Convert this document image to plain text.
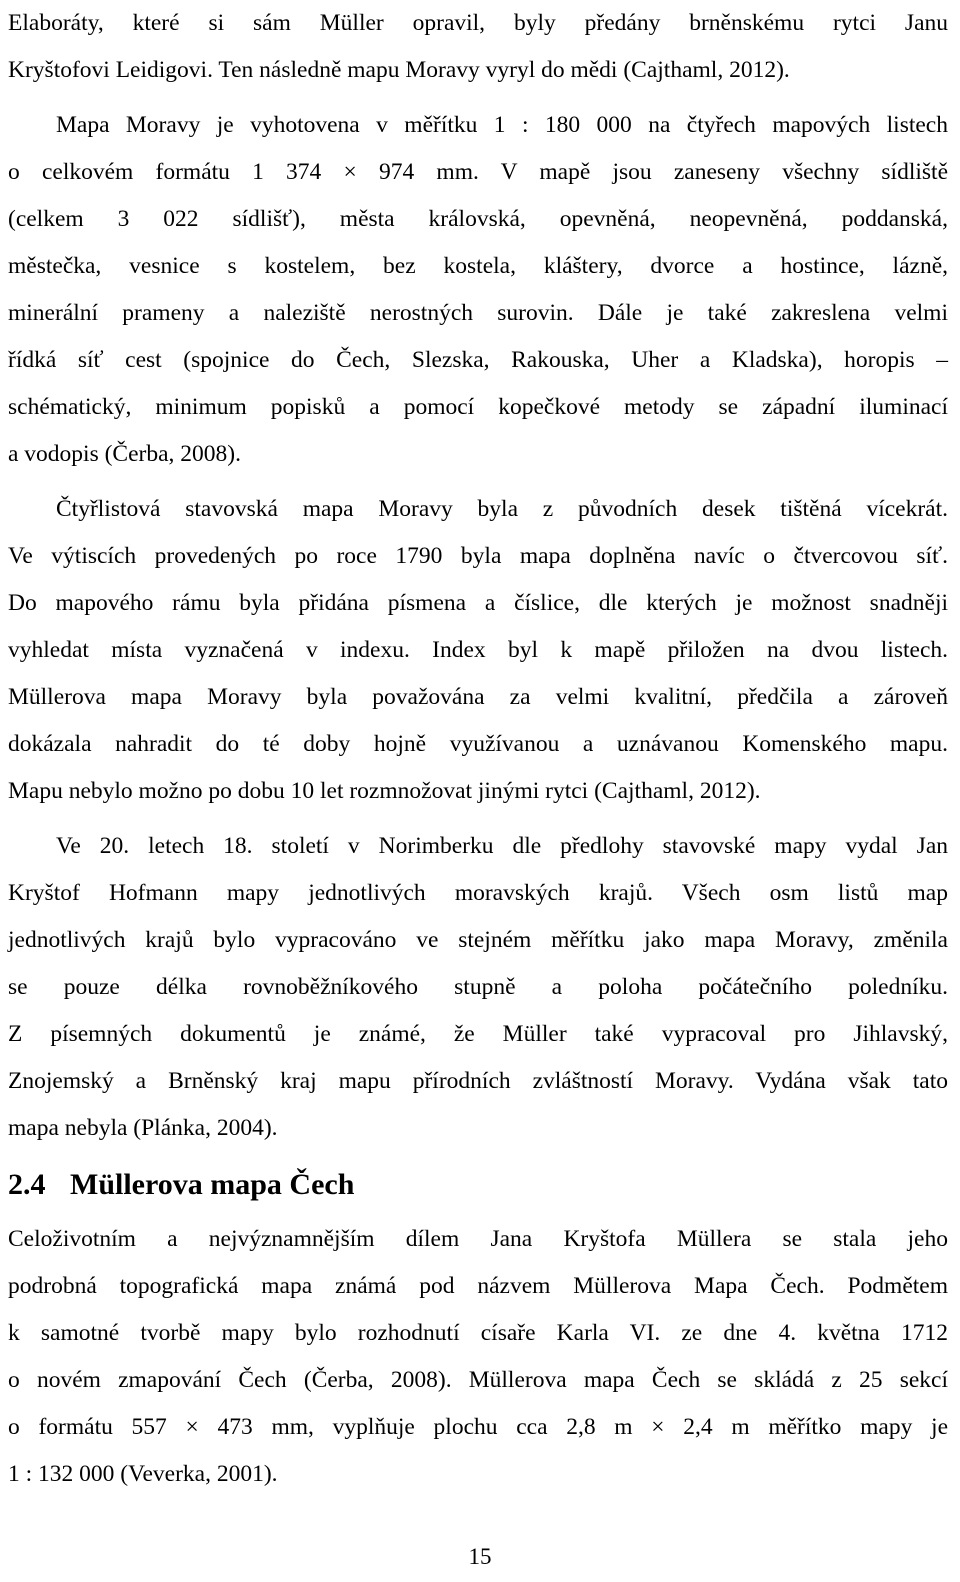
Elaboráty, které si sám Müller opravil, byly předány brněnskému rytci Janu
Kryštofovi Leidigovi. Ten následně mapu Moravy vyryl do mědi (Cajthaml, 2012).
Mapa Moravy je vyhotovena v měřítku 1 : 180 000 na čtyřech mapových listech
o celkovém formátu 1 374 × 974 mm. V mapě jsou zaneseny všechny sídliště
(celkem 3 022 sídlišť), města královská, opevněná, neopevněná, poddanská,
městečka, vesnice s kostelem, bez kostela, kláštery, dvorce a hostince, lázně,
minerální prameny a naleziště nerostných surovin. Dále je také zakreslena velmi
řídká síť cest (spojnice do Čech, Slezska, Rakouska, Uher a Kladska), horopis –
schématický, minimum popisků a pomocí kopečkové metody se západní iluminací
a vodopis (Čerba, 2008).
Čtyřlistová stavovská mapa Moravy byla z původních desek tištěná vícekrát.
Ve výtiscích provedených po roce 1790 byla mapa doplněna navíc o čtvercovou síť.
Do mapového rámu byla přidána písmena a číslice, dle kterých je možnost snadněji
vyhledat místa vyznačená v indexu. Index byl k mapě přiložen na dvou listech.
Müllerova mapa Moravy byla považována za velmi kvalitní, předčila a zároveň
dokázala nahradit do té doby hojně využívanou a uznávanou Komenského mapu.
Mapu nebylo možno po dobu 10 let rozmnožovat jinými rytci (Cajthaml, 2012).
Ve 20. letech 18. století v Norimberku dle předlohy stavovské mapy vydal Jan
Kryštof Hofmann mapy jednotlivých moravských krajů. Všech osm listů map
jednotlivých krajů bylo vypracováno ve stejném měřítku jako mapa Moravy, změnila
se pouze délka rovnoběžníkového stupně a poloha počátečního poledníku.
Z písemných dokumentů je známé, že Müller také vypracoval pro Jihlavský,
Znojemský a Brněnský kraj mapu přírodních zvláštností Moravy. Vydána však tato
mapa nebyla (Plánka, 2004).
2.4 Müllerova mapa Čech
Celoživotním a nejvýznamnějším dílem Jana Kryštofa Müllera se stala jeho
podrobná topografická mapa známá pod názvem Müllerova Mapa Čech. Podmětem
k samotné tvorbě mapy bylo rozhodnutí císaře Karla VI. ze dne 4. května 1712
o novém zmapování Čech (Čerba, 2008). Müllerova mapa Čech se skládá z 25 sekcí
o formátu 557 × 473 mm, vyplňuje plochu cca 2,8 m × 2,4 m měřítko mapy je
1 : 132 000 (Veverka, 2001).
15
